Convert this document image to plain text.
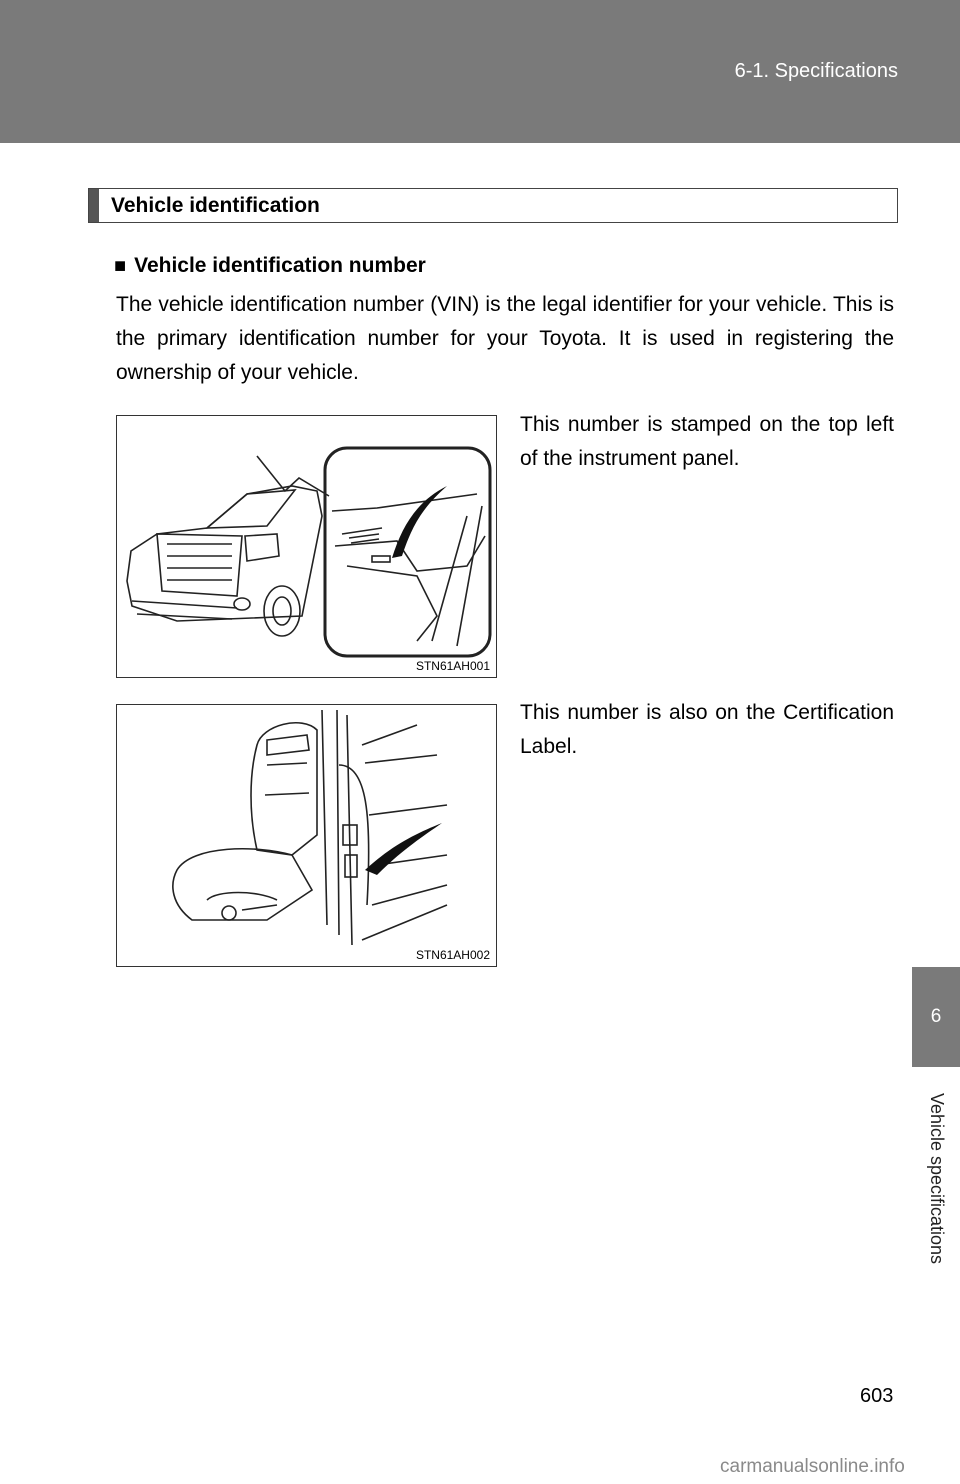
6-1. Specifications
6
Vehicle specifications
Vehicle identification
■ Vehicle identification number
The vehicle identification number (VIN) is the legal identifier for your vehicle. This is the primary identification number for your Toyota. It is used in registering the ownership of your vehicle.
STN61AH001
This number is stamped on the top left of the instrument panel.
STN61AH002
This number is also on the Certification Label.
603
carmanualsonline.info
